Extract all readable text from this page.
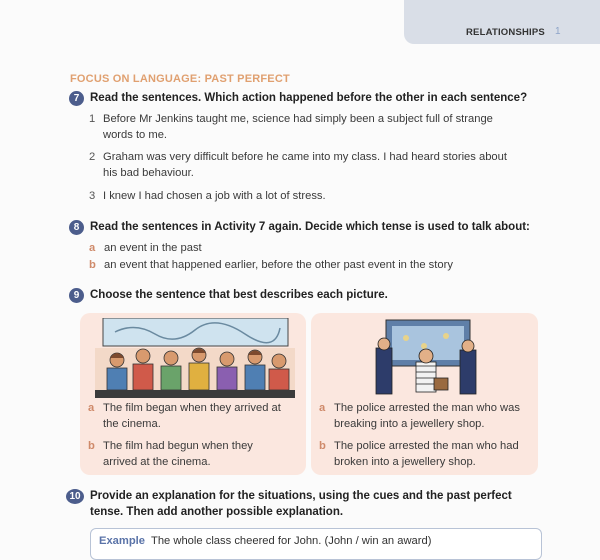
RELATIONSHIPS 1
FOCUS ON LANGUAGE: PAST PERFECT
7 Read the sentences. Which action happened before the other in each sentence?
1 Before Mr Jenkins taught me, science had simply been a subject full of strange
words to me.
2 Graham was very difficult before he came into my class. I had heard stories about
his bad behaviour.
3 I knew I had chosen a job with a lot of stress.
8 Read the sentences in Activity 7 again. Decide which tense is used to talk about:
a an event in the past
b an event that happened earlier, before the other past event in the story
9 Choose the sentence that best describes each picture.
a The film began when they arrived at
the cinema.
b The film had begun when they
arrived at the cinema.
a The police arrested the man who was
breaking into a jewellery shop.
b The police arrested the man who had
broken into a jewellery shop.
10 Provide an explanation for the situations, using the cues and the past perfect
tense. Then add another possible explanation.
Example The whole class cheered for John. (John / win an award)
